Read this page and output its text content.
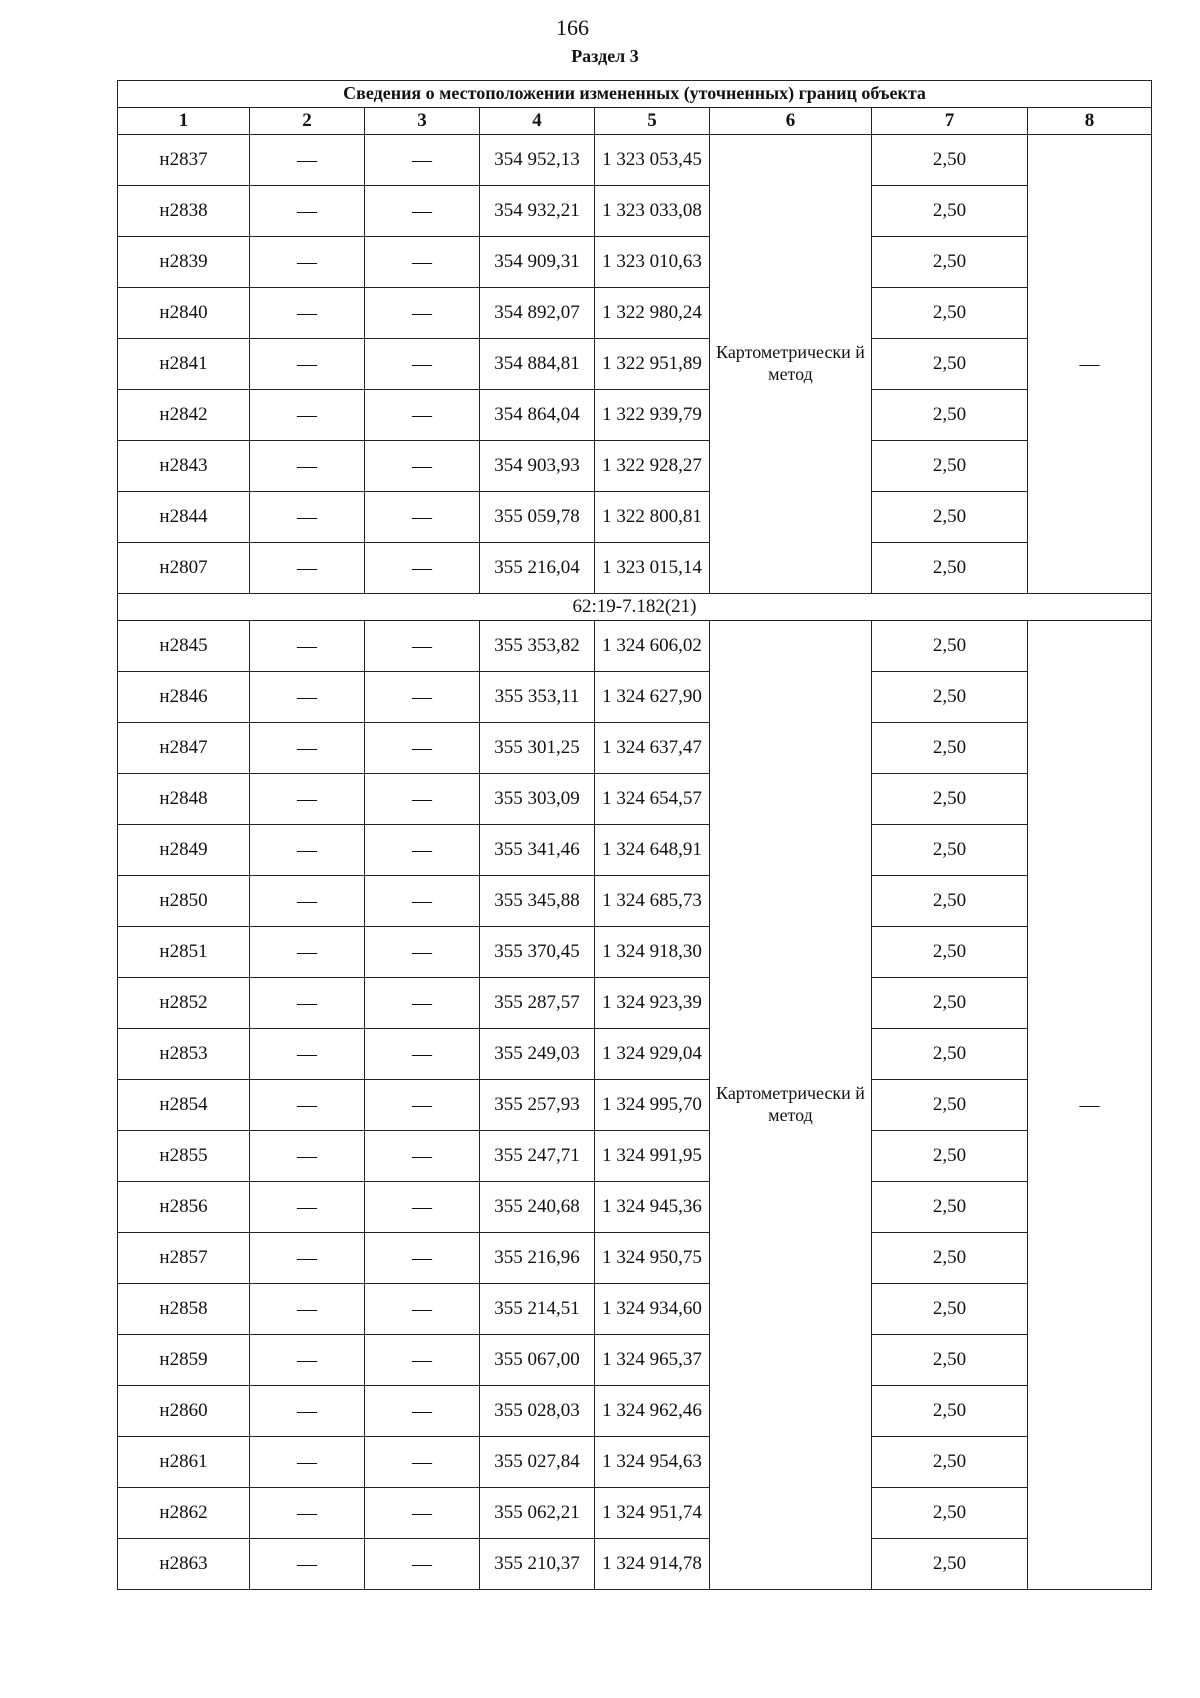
166
Раздел 3
Сведения о местоположении измененных (уточненных) границ объекта							
1	2	3	4	5	6	7	8
н2837	—	—	354 952,13	1 323 053,45	Картометрически й метод	2,50	—
н2838	—	—	354 932,21	1 323 033,08		2,50	
н2839	—	—	354 909,31	1 323 010,63		2,50	
н2840	—	—	354 892,07	1 322 980,24		2,50	
н2841	—	—	354 884,81	1 322 951,89		2,50	
н2842	—	—	354 864,04	1 322 939,79		2,50	
н2843	—	—	354 903,93	1 322 928,27		2,50	
н2844	—	—	355 059,78	1 322 800,81		2,50	
н2807	—	—	355 216,04	1 323 015,14		2,50	
62:19-7.182(21)							
н2845	—	—	355 353,82	1 324 606,02	Картометрически й метод	2,50	—
н2846	—	—	355 353,11	1 324 627,90		2,50	
н2847	—	—	355 301,25	1 324 637,47		2,50	
н2848	—	—	355 303,09	1 324 654,57		2,50	
н2849	—	—	355 341,46	1 324 648,91		2,50	
н2850	—	—	355 345,88	1 324 685,73		2,50	
н2851	—	—	355 370,45	1 324 918,30		2,50	
н2852	—	—	355 287,57	1 324 923,39		2,50	
н2853	—	—	355 249,03	1 324 929,04		2,50	
н2854	—	—	355 257,93	1 324 995,70		2,50	
н2855	—	—	355 247,71	1 324 991,95		2,50	
н2856	—	—	355 240,68	1 324 945,36		2,50	
н2857	—	—	355 216,96	1 324 950,75		2,50	
н2858	—	—	355 214,51	1 324 934,60		2,50	
н2859	—	—	355 067,00	1 324 965,37		2,50	
н2860	—	—	355 028,03	1 324 962,46		2,50	
н2861	—	—	355 027,84	1 324 954,63		2,50	
н2862	—	—	355 062,21	1 324 951,74		2,50	
н2863	—	—	355 210,37	1 324 914,78		2,50	
